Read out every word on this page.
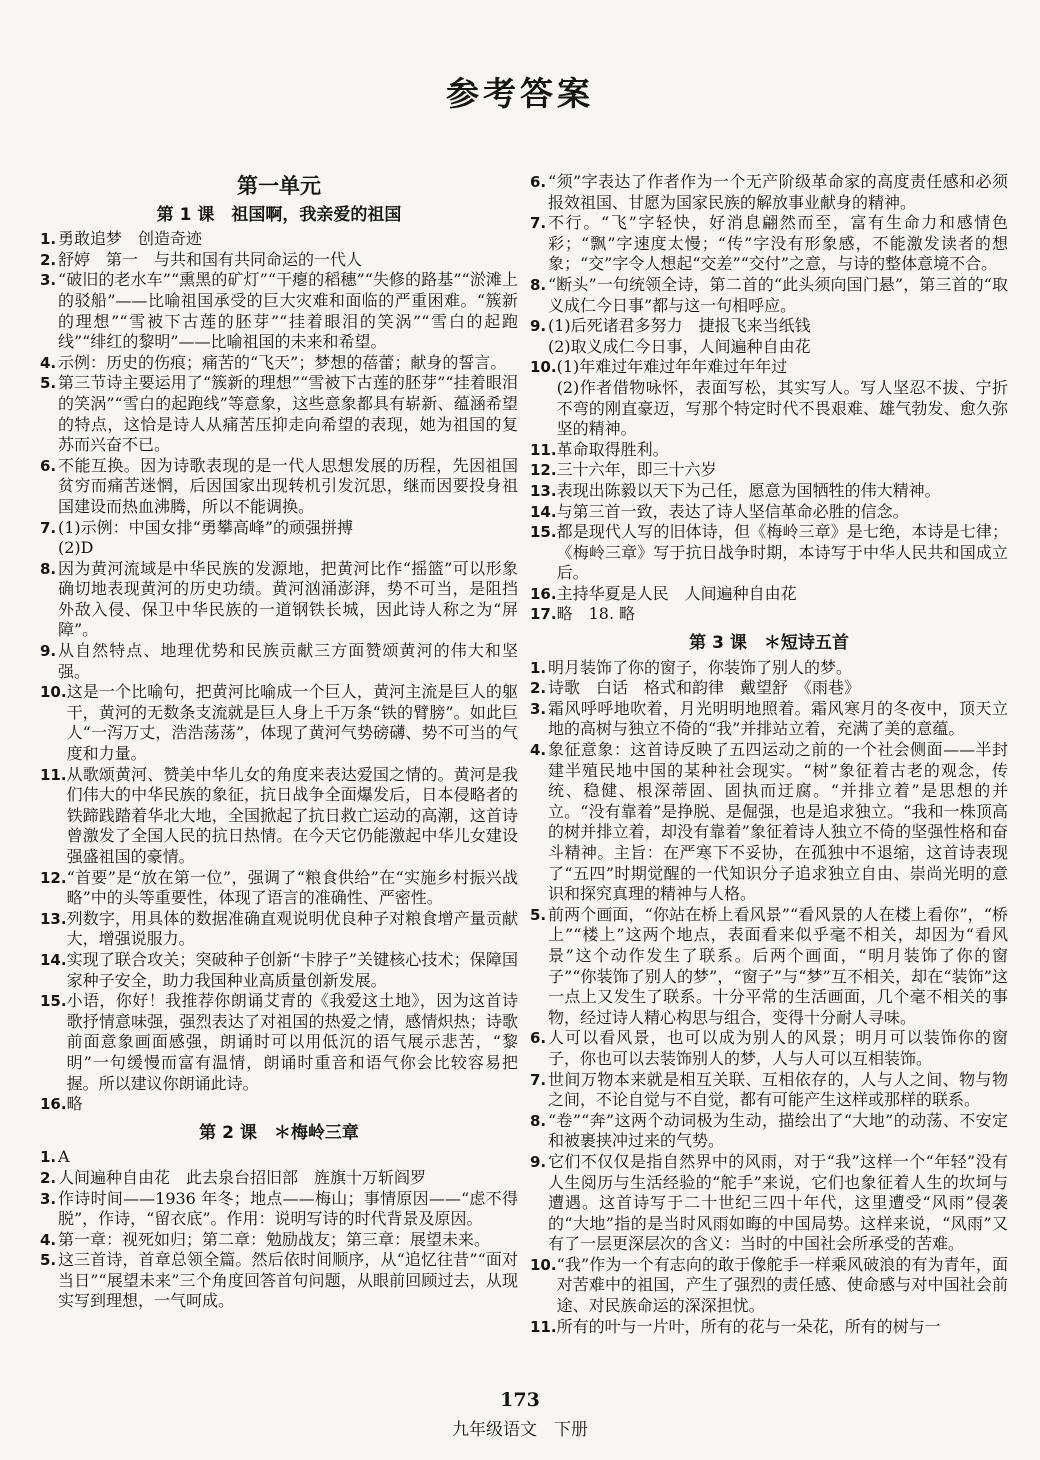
参考答案
第一单元
第 1 课　祖国啊，我亲爱的祖国
1. 勇敢追梦　创造奇迹
2. 舒婷　第一　与共和国有共同命运的一代人
3. “破旧的老水车”“熏黑的矿灯”“干瘪的稻穗”“失修的路基”“淤滩上的驳船”——比喻祖国承受的巨大灾难和面临的严重困难。“簇新的理想”“雪被下古莲的胚芽”“挂着眼泪的笑涡”“雪白的起跑线”“绯红的黎明”——比喻祖国的未来和希望。
4. 示例：历史的伤痕；痛苦的“飞天”；梦想的蓓蕾；献身的誓言。
5. 第三节诗主要运用了“簇新的理想”“雪被下古莲的胚芽”“挂着眼泪的笑涡”“雪白的起跑线”等意象，这些意象都具有崭新、蕴涵希望的特点，这恰是诗人从痛苦压抑走向希望的表现，她为祖国的复苏而兴奋不已。
6. 不能互换。因为诗歌表现的是一代人思想发展的历程，先因祖国贫穷而痛苦迷惘，后因国家出现转机引发沉思，继而因要投身祖国建设而热血沸腾，所以不能调换。
7. (1)示例：中国女排“勇攀高峰”的顽强拼搏
(2)D
8. 因为黄河流域是中华民族的发源地，把黄河比作“摇篮”可以形象确切地表现黄河的历史功绩。黄河汹涌澎湃，势不可当，是阻挡外敌入侵、保卫中华民族的一道钢铁长城，因此诗人称之为“屏障”。
9. 从自然特点、地理优势和民族贡献三方面赞颂黄河的伟大和坚强。
10. 这是一个比喻句，把黄河比喻成一个巨人，黄河主流是巨人的躯干，黄河的无数条支流就是巨人身上千万条“铁的臂膀”。如此巨人“一泻万丈，浩浩荡荡”，体现了黄河气势磅礴、势不可当的气度和力量。
11. 从歌颂黄河、赞美中华儿女的角度来表达爱国之情的。黄河是我们伟大的中华民族的象征，抗日战争全面爆发后，日本侵略者的铁蹄践踏着华北大地，全国掀起了抗日救亡运动的高潮，这首诗曾激发了全国人民的抗日热情。在今天它仍能激起中华儿女建设强盛祖国的豪情。
12. “首要”是“放在第一位”，强调了“粮食供给”在“实施乡村振兴战略”中的头等重要性，体现了语言的准确性、严密性。
13. 列数字，用具体的数据准确直观说明优良种子对粮食增产量贡献大，增强说服力。
14. 实现了联合攻关；突破种子创新“卡脖子”关键核心技术；保障国家种子安全，助力我国种业高质量创新发展。
15. 小语，你好！我推荐你朗诵艾青的《我爱这土地》，因为这首诗歌抒情意味强，强烈表达了对祖国的热爱之情，感情炽热；诗歌前面意象画面感强，朗诵时可以用低沉的语气展示悲苦，“黎明”一句缓慢而富有温情，朗诵时重音和语气你会比较容易把握。所以建议你朗诵此诗。
16. 略
第 2 课　＊梅岭三章
1. A
2. 人间遍种自由花　此去泉台招旧部　旌旗十万斩阎罗
3. 作诗时间——1936 年冬；地点——梅山；事情原因——“虑不得脱”，作诗，“留衣底”。作用：说明写诗的时代背景及原因。
4. 第一章：视死如归；第二章：勉励战友；第三章：展望未来。
5. 这三首诗，首章总领全篇。然后依时间顺序，从“追忆往昔”“面对当日”“展望未来”三个角度回答首句问题，从眼前回顾过去，从现实写到理想，一气呵成。
6. “须”字表达了作者作为一个无产阶级革命家的高度责任感和必须报效祖国、甘愿为国家民族的解放事业献身的精神。
7. 不行。“飞”字轻快，好消息翩然而至，富有生命力和感情色彩；“飘”字速度太慢；“传”字没有形象感，不能激发读者的想象；“交”字令人想起“交差”“交付”之意，与诗的整体意境不合。
8. “断头”一句统领全诗，第二首的“此头须向国门悬”，第三首的“取义成仁今日事”都与这一句相呼应。
9. (1)后死诸君多努力　捷报飞来当纸钱
(2)取义成仁今日事，人间遍种自由花
10. (1)年难过年难过年年难过年年过
(2)作者借物咏怀，表面写松，其实写人。写人坚忍不拔、宁折不弯的刚直豪迈，写那个特定时代不畏艰难、雄气勃发、愈久弥坚的精神。
11. 革命取得胜利。
12. 三十六年，即三十六岁
13. 表现出陈毅以天下为己任，愿意为国牺牲的伟大精神。
14. 与第三首一致，表达了诗人坚信革命必胜的信念。
15. 都是现代人写的旧体诗，但《梅岭三章》是七绝，本诗是七律；《梅岭三章》写于抗日战争时期，本诗写于中华人民共和国成立后。
16. 主持华夏是人民　人间遍种自由花
17. 略　18. 略
第 3 课　＊短诗五首
1. 明月装饰了你的窗子，你装饰了别人的梦。
2. 诗歌　白话　格式和韵律　戴望舒　《雨巷》
3. 霜风呼呼地吹着，月光明明地照着。霜风寒月的冬夜中，顶天立地的高树与独立不倚的“我”并排站立着，充满了美的意蕴。
4. 象征意象：这首诗反映了五四运动之前的一个社会侧面——半封建半殖民地中国的某种社会现实。“树”象征着古老的观念，传统、稳健、根深蒂固、固执而迂腐。“并排立着”是思想的并立。“没有靠着”是挣脱、是倔强，也是追求独立。“我和一株顶高的树并排立着，却没有靠着”象征着诗人独立不倚的坚强性格和奋斗精神。主旨：在严寒下不妥协，在孤独中不退缩，这首诗表现了“五四”时期觉醒的一代知识分子追求独立自由、崇尚光明的意识和探究真理的精神与人格。
5. 前两个画面，“你站在桥上看风景”“看风景的人在楼上看你”，“桥上”“楼上”这两个地点，表面看来似乎毫不相关，却因为“看风景”这个动作发生了联系。后两个画面，“明月装饰了你的窗子”“你装饰了别人的梦”，“窗子”与“梦”互不相关，却在“装饰”这一点上又发生了联系。十分平常的生活画面，几个毫不相关的事物，经过诗人精心构思与组合，变得十分耐人寻味。
6. 人可以看风景，也可以成为别人的风景；明月可以装饰你的窗子，你也可以去装饰别人的梦，人与人可以互相装饰。
7. 世间万物本来就是相互关联、互相依存的，人与人之间、物与物之间，不论自觉与不自觉，都有可能产生这样或那样的联系。
8. “卷”“奔”这两个动词极为生动，描绘出了“大地”的动荡、不安定和被裹挟冲过来的气势。
9. 它们不仅仅是指自然界中的风雨，对于“我”这样一个“年轻”没有人生阅历与生活经验的“舵手”来说，它们也象征着人生的坎坷与遭遇。这首诗写于二十世纪三四十年代，这里遭受“风雨”侵袭的“大地”指的是当时风雨如晦的中国局势。这样来说，“风雨”又有了一层更深层次的含义：当时的中国社会所承受的苦难。
10. “我”作为一个有志向的敢于像舵手一样乘风破浪的有为青年，面对苦难中的祖国，产生了强烈的责任感、使命感与对中国社会前途、对民族命运的深深担忧。
11. 所有的叶与一片叶，所有的花与一朵花，所有的树与一
173
九年级语文　下册
